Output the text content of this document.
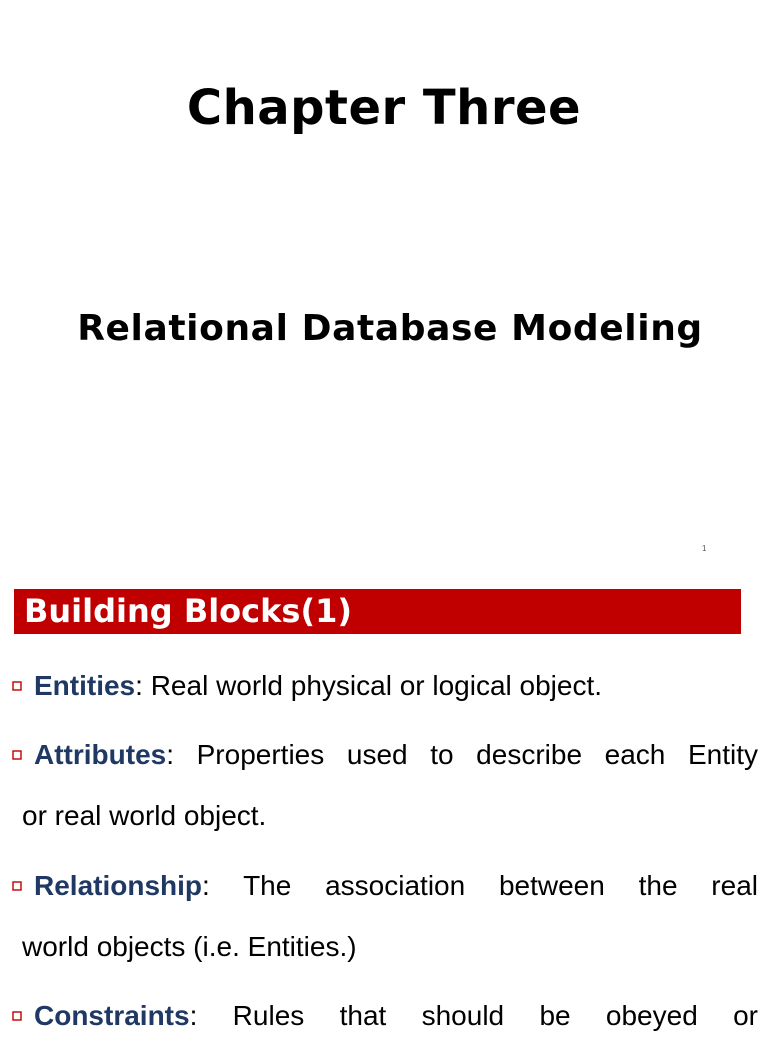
Chapter Three
Relational Database Modeling
1
Building Blocks(1)
Entities: Real world physical or logical object.
Attributes: Properties used to describe each Entity
or real world object.
Relationship: The association between the real
world objects (i.e. Entities.)
Constraints: Rules that should be obeyed or
